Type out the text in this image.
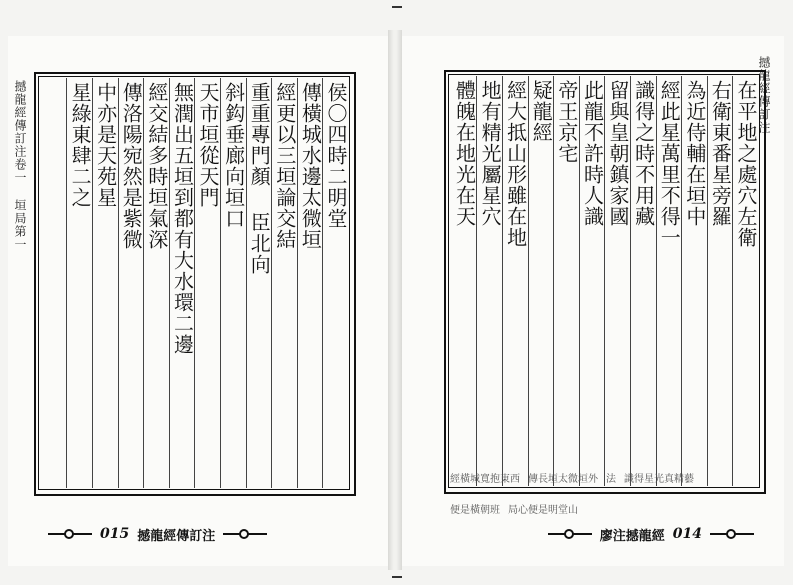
撼龍經傳訂注卷一 垣局第一	侯〇四時二明堂
傳橫城水邊太微垣
經更以三垣論交結
重重專門顏 臣北向
斜鈎垂廊向垣口
天市垣從天門
無潤出五垣到都有大水環二邊
經交結多時垣氣深
傳洛陽宛然是紫微
中亦是天苑星
星綠東肆二之
015 撼龍經傳訂注
撼龍經傳訂注
在平地之處穴左衛
右衛東番星旁羅
為近侍輔在垣中
經此星萬里不得一
識得之時不用藏
留與皇朝鎮家國
此龍不許時人識
帝王京宅
疑龍經
經大抵山形雖在地
地有精光屬星穴
體魄在地光在天
廖注撼龍經 014
經橫城寬抱東西 傳長垣太微垣外 法 識得星光真精藝
便是橫朝班 局心便是明堂山
